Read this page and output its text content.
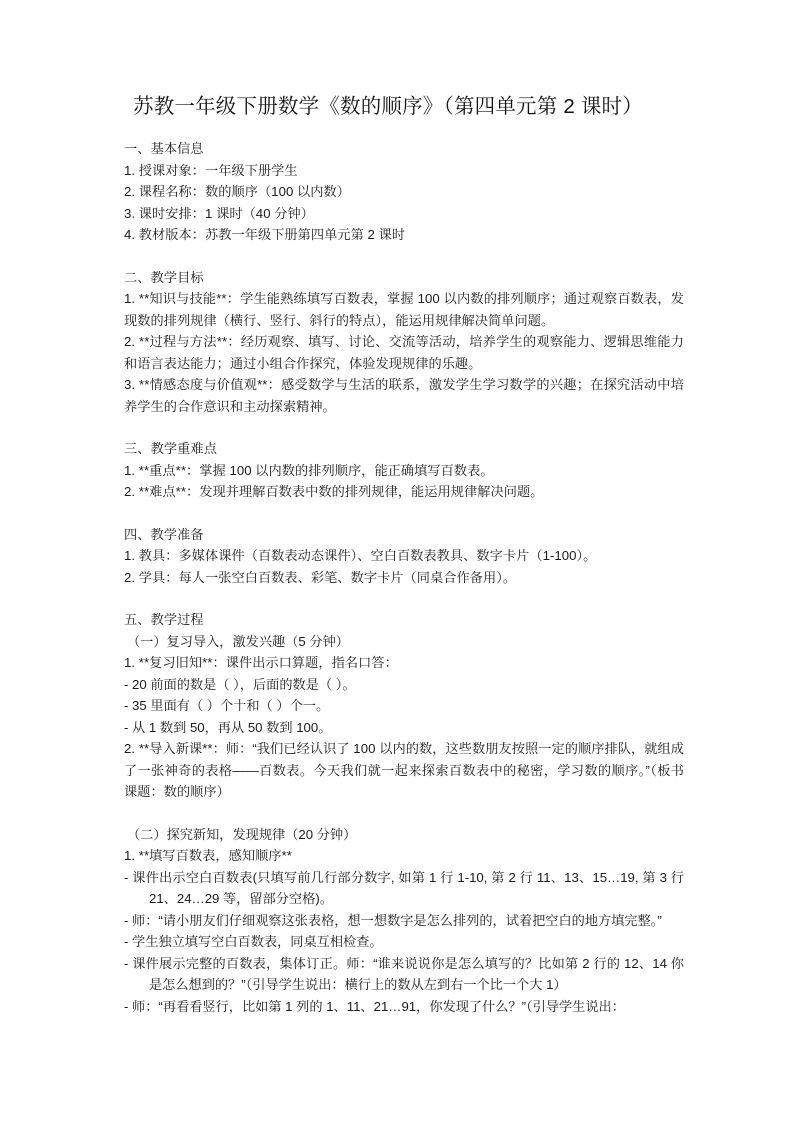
苏教一年级下册数学《数的顺序》（第四单元第 2 课时）
一、基本信息
1. 授课对象：一年级下册学生
2. 课程名称：数的顺序（100 以内数）
3. 课时安排：1 课时（40 分钟）
4. 教材版本：苏教一年级下册第四单元第 2 课时
二、教学目标
1. **知识与技能**：学生能熟练填写百数表，掌握 100 以内数的排列顺序；通过观察百数表，发现数的排列规律（横行、竖行、斜行的特点），能运用规律解决简单问题。
2. **过程与方法**：经历观察、填写、讨论、交流等活动，培养学生的观察能力、逻辑思维能力和语言表达能力；通过小组合作探究，体验发现规律的乐趣。
3. **情感态度与价值观**：感受数学与生活的联系，激发学生学习数学的兴趣；在探究活动中培养学生的合作意识和主动探索精神。
三、教学重难点
1. **重点**：掌握 100 以内数的排列顺序，能正确填写百数表。
2. **难点**：发现并理解百数表中数的排列规律，能运用规律解决问题。
四、教学准备
1. 教具：多媒体课件（百数表动态课件）、空白百数表教具、数字卡片（1-100）。
2. 学具：每人一张空白百数表、彩笔、数字卡片（同桌合作备用）。
五、教学过程
（一）复习导入，激发兴趣（5 分钟）
1. **复习旧知**：课件出示口算题，指名口答：
- 20 前面的数是（ ），后面的数是（ ）。
- 35 里面有（ ）个十和（ ）个一。
- 从 1 数到 50，再从 50 数到 100。
2. **导入新课**：师：“我们已经认识了 100 以内的数，这些数朋友按照一定的顺序排队，就组成了一张神奇的表格——百数表。今天我们就一起来探索百数表中的秘密，学习数的顺序。”（板书课题：数的顺序）
（二）探究新知，发现规律（20 分钟）
1. **填写百数表，感知顺序**
- 课件出示空白百数表(只填写前几行部分数字, 如第 1 行 1-10, 第 2 行 11、13、15…19, 第 3 行 21、24…29 等，留部分空格)。
- 师：“请小朋友们仔细观察这张表格，想一想数字是怎么排列的，试着把空白的地方填完整。”
- 学生独立填写空白百数表，同桌互相检查。
- 课件展示完整的百数表，集体订正。师：“谁来说说你是怎么填写的？比如第 2 行的 12、14 你是怎么想到的？”（引导学生说出：横行上的数从左到右一个比一个大 1）
- 师：“再看看竖行，比如第 1 列的 1、11、21…91，你发现了什么？”（引导学生说出：
